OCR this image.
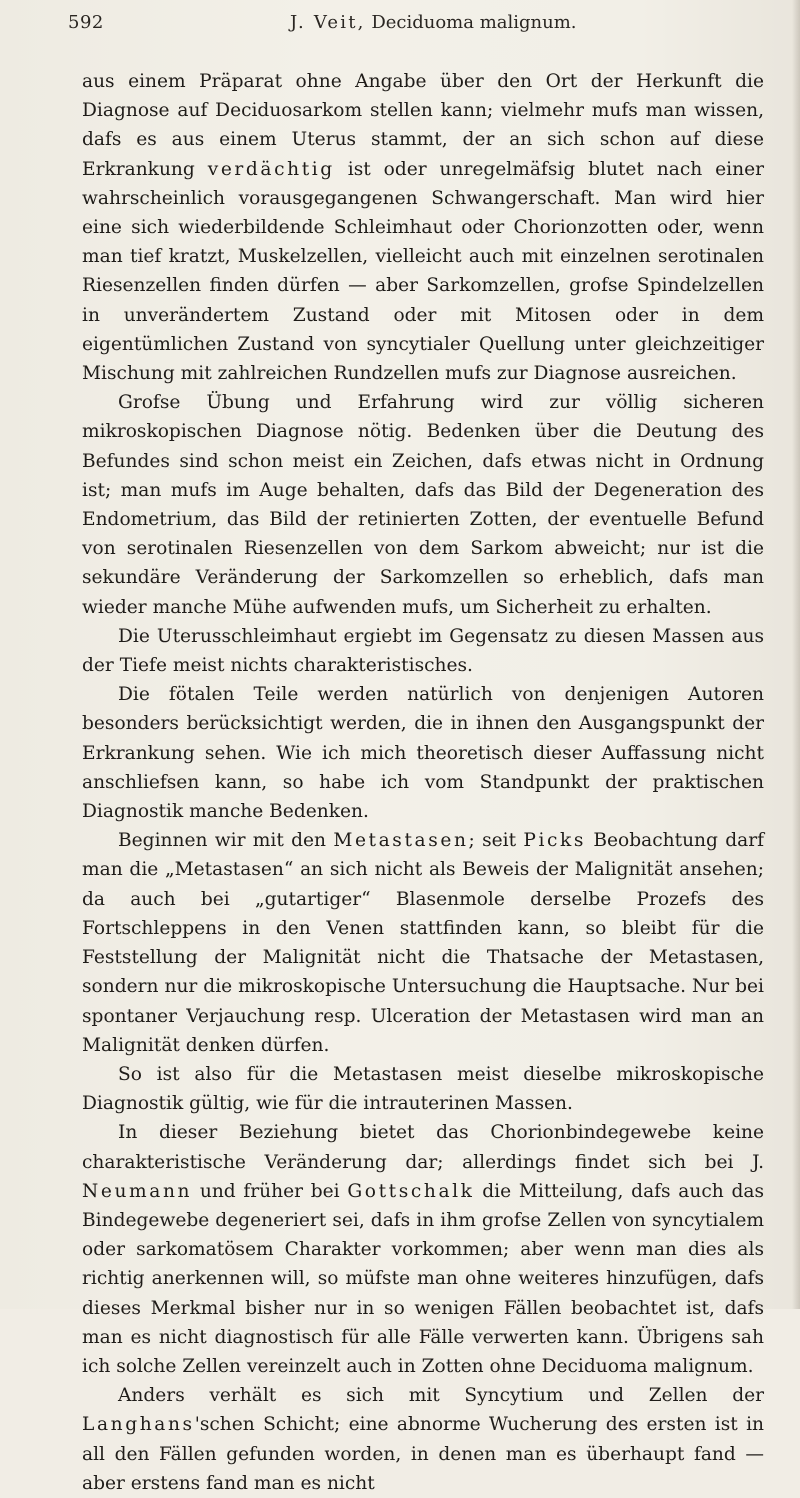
592	J. Veit, Deciduoma malignum.

aus einem Präparat ohne Angabe über den Ort der Herkunft die Diagnose auf Deciduosarkom stellen kann; vielmehr mufs man wissen, dafs es aus einem Uterus stammt, der an sich schon auf diese Erkrankung verdächtig ist oder unregelmäfsig blutet nach einer wahrscheinlich vorausgegangenen Schwangerschaft. Man wird hier eine sich wiederbildende Schleimhaut oder Chorionzotten oder, wenn man tief kratzt, Muskelzellen, vielleicht auch mit einzelnen serotinalen Riesenzellen finden dürfen — aber Sarkomzellen, grofse Spindelzellen in unverändertem Zustand oder mit Mitosen oder in dem eigentümlichen Zustand von syncytialer Quellung unter gleichzeitiger Mischung mit zahlreichen Rundzellen mufs zur Diagnose ausreichen.

Grofse Übung und Erfahrung wird zur völlig sicheren mikroskopischen Diagnose nötig. Bedenken über die Deutung des Befundes sind schon meist ein Zeichen, dafs etwas nicht in Ordnung ist; man mufs im Auge behalten, dafs das Bild der Degeneration des Endometrium, das Bild der retinierten Zotten, der eventuelle Befund von serotinalen Riesenzellen von dem Sarkom abweicht; nur ist die sekundäre Veränderung der Sarkomzellen so erheblich, dafs man wieder manche Mühe aufwenden mufs, um Sicherheit zu erhalten.

Die Uterusschleimhaut ergiebt im Gegensatz zu diesen Massen aus der Tiefe meist nichts charakteristisches.

Die fötalen Teile werden natürlich von denjenigen Autoren besonders berücksichtigt werden, die in ihnen den Ausgangspunkt der Erkrankung sehen. Wie ich mich theoretisch dieser Auffassung nicht anschliefsen kann, so habe ich vom Standpunkt der praktischen Diagnostik manche Bedenken.

Beginnen wir mit den Metastasen; seit Picks Beobachtung darf man die „Metastasen“ an sich nicht als Beweis der Malignität ansehen; da auch bei „gutartiger“ Blasenmole derselbe Prozefs des Fortschleppens in den Venen stattfinden kann, so bleibt für die Feststellung der Malignität nicht die Thatsache der Metastasen, sondern nur die mikroskopische Untersuchung die Hauptsache. Nur bei spontaner Verjauchung resp. Ulceration der Metastasen wird man an Malignität denken dürfen.

So ist also für die Metastasen meist dieselbe mikroskopische Diagnostik gültig, wie für die intrauterinen Massen.

In dieser Beziehung bietet das Chorionbindegewebe keine charakteristische Veränderung dar; allerdings findet sich bei J. Neumann und früher bei Gottschalk die Mitteilung, dafs auch das Bindegewebe degeneriert sei, dafs in ihm grofse Zellen von syncytialem oder sarkomatösem Charakter vorkommen; aber wenn man dies als richtig anerkennen will, so müfste man ohne weiteres hinzufügen, dafs dieses Merkmal bisher nur in so wenigen Fällen beobachtet ist, dafs man es nicht diagnostisch für alle Fälle verwerten kann. Übrigens sah ich solche Zellen vereinzelt auch in Zotten ohne Deciduoma malignum.

Anders verhält es sich mit Syncytium und Zellen der Langhans'schen Schicht; eine abnorme Wucherung des ersten ist in all den Fällen gefunden worden, in denen man es überhaupt fand — aber erstens fand man es nicht
